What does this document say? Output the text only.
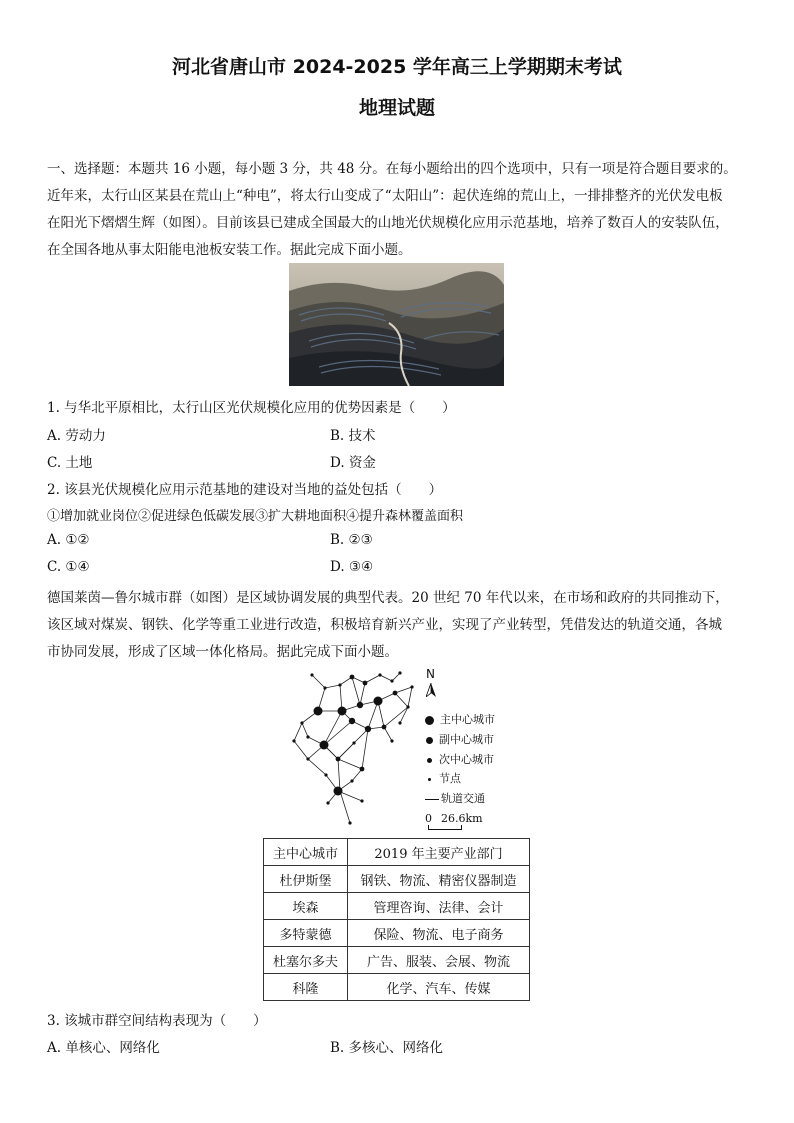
河北省唐山市 2024-2025 学年高三上学期期末考试
地理试题
一、选择题：本题共 16 小题，每小题 3 分，共 48 分。在每小题给出的四个选项中，只有一项是符合题目要求的。
近年来，太行山区某县在荒山上“种电”，将太行山变成了“太阳山”：起伏连绵的荒山上，一排排整齐的光伏发电板
在阳光下熠熠生辉（如图）。目前该县已建成全国最大的山地光伏规模化应用示范基地，培养了数百人的安装队伍，
在全国各地从事太阳能电池板安装工作。据此完成下面小题。
1. 与华北平原相比，太行山区光伏规模化应用的优势因素是（　　）
A. 劳动力	B. 技术
C. 土地	D. 资金
2. 该县光伏规模化应用示范基地的建设对当地的益处包括（　　）
①增加就业岗位②促进绿色低碳发展③扩大耕地面积④提升森林覆盖面积
A. ①②	B. ②③
C. ①④	D. ③④
德国莱茵—鲁尔城市群（如图）是区域协调发展的典型代表。20 世纪 70 年代以来，在市场和政府的共同推动下，
该区域对煤炭、钢铁、化学等重工业进行改造，积极培育新兴产业，实现了产业转型，凭借发达的轨道交通，各城
市协同发展，形成了区域一体化格局。据此完成下面小题。
N
主中心城市
副中心城市
次中心城市
节点
轨道交通
0 26.6km
主中心城市	2019 年主要产业部门
杜伊斯堡	钢铁、物流、精密仪器制造
埃森	管理咨询、法律、会计
多特蒙德	保险、物流、电子商务
杜塞尔多夫	广告、服装、会展、物流
科隆	化学、汽车、传媒
3. 该城市群空间结构表现为（　　）
A. 单核心、网络化	B. 多核心、网络化
